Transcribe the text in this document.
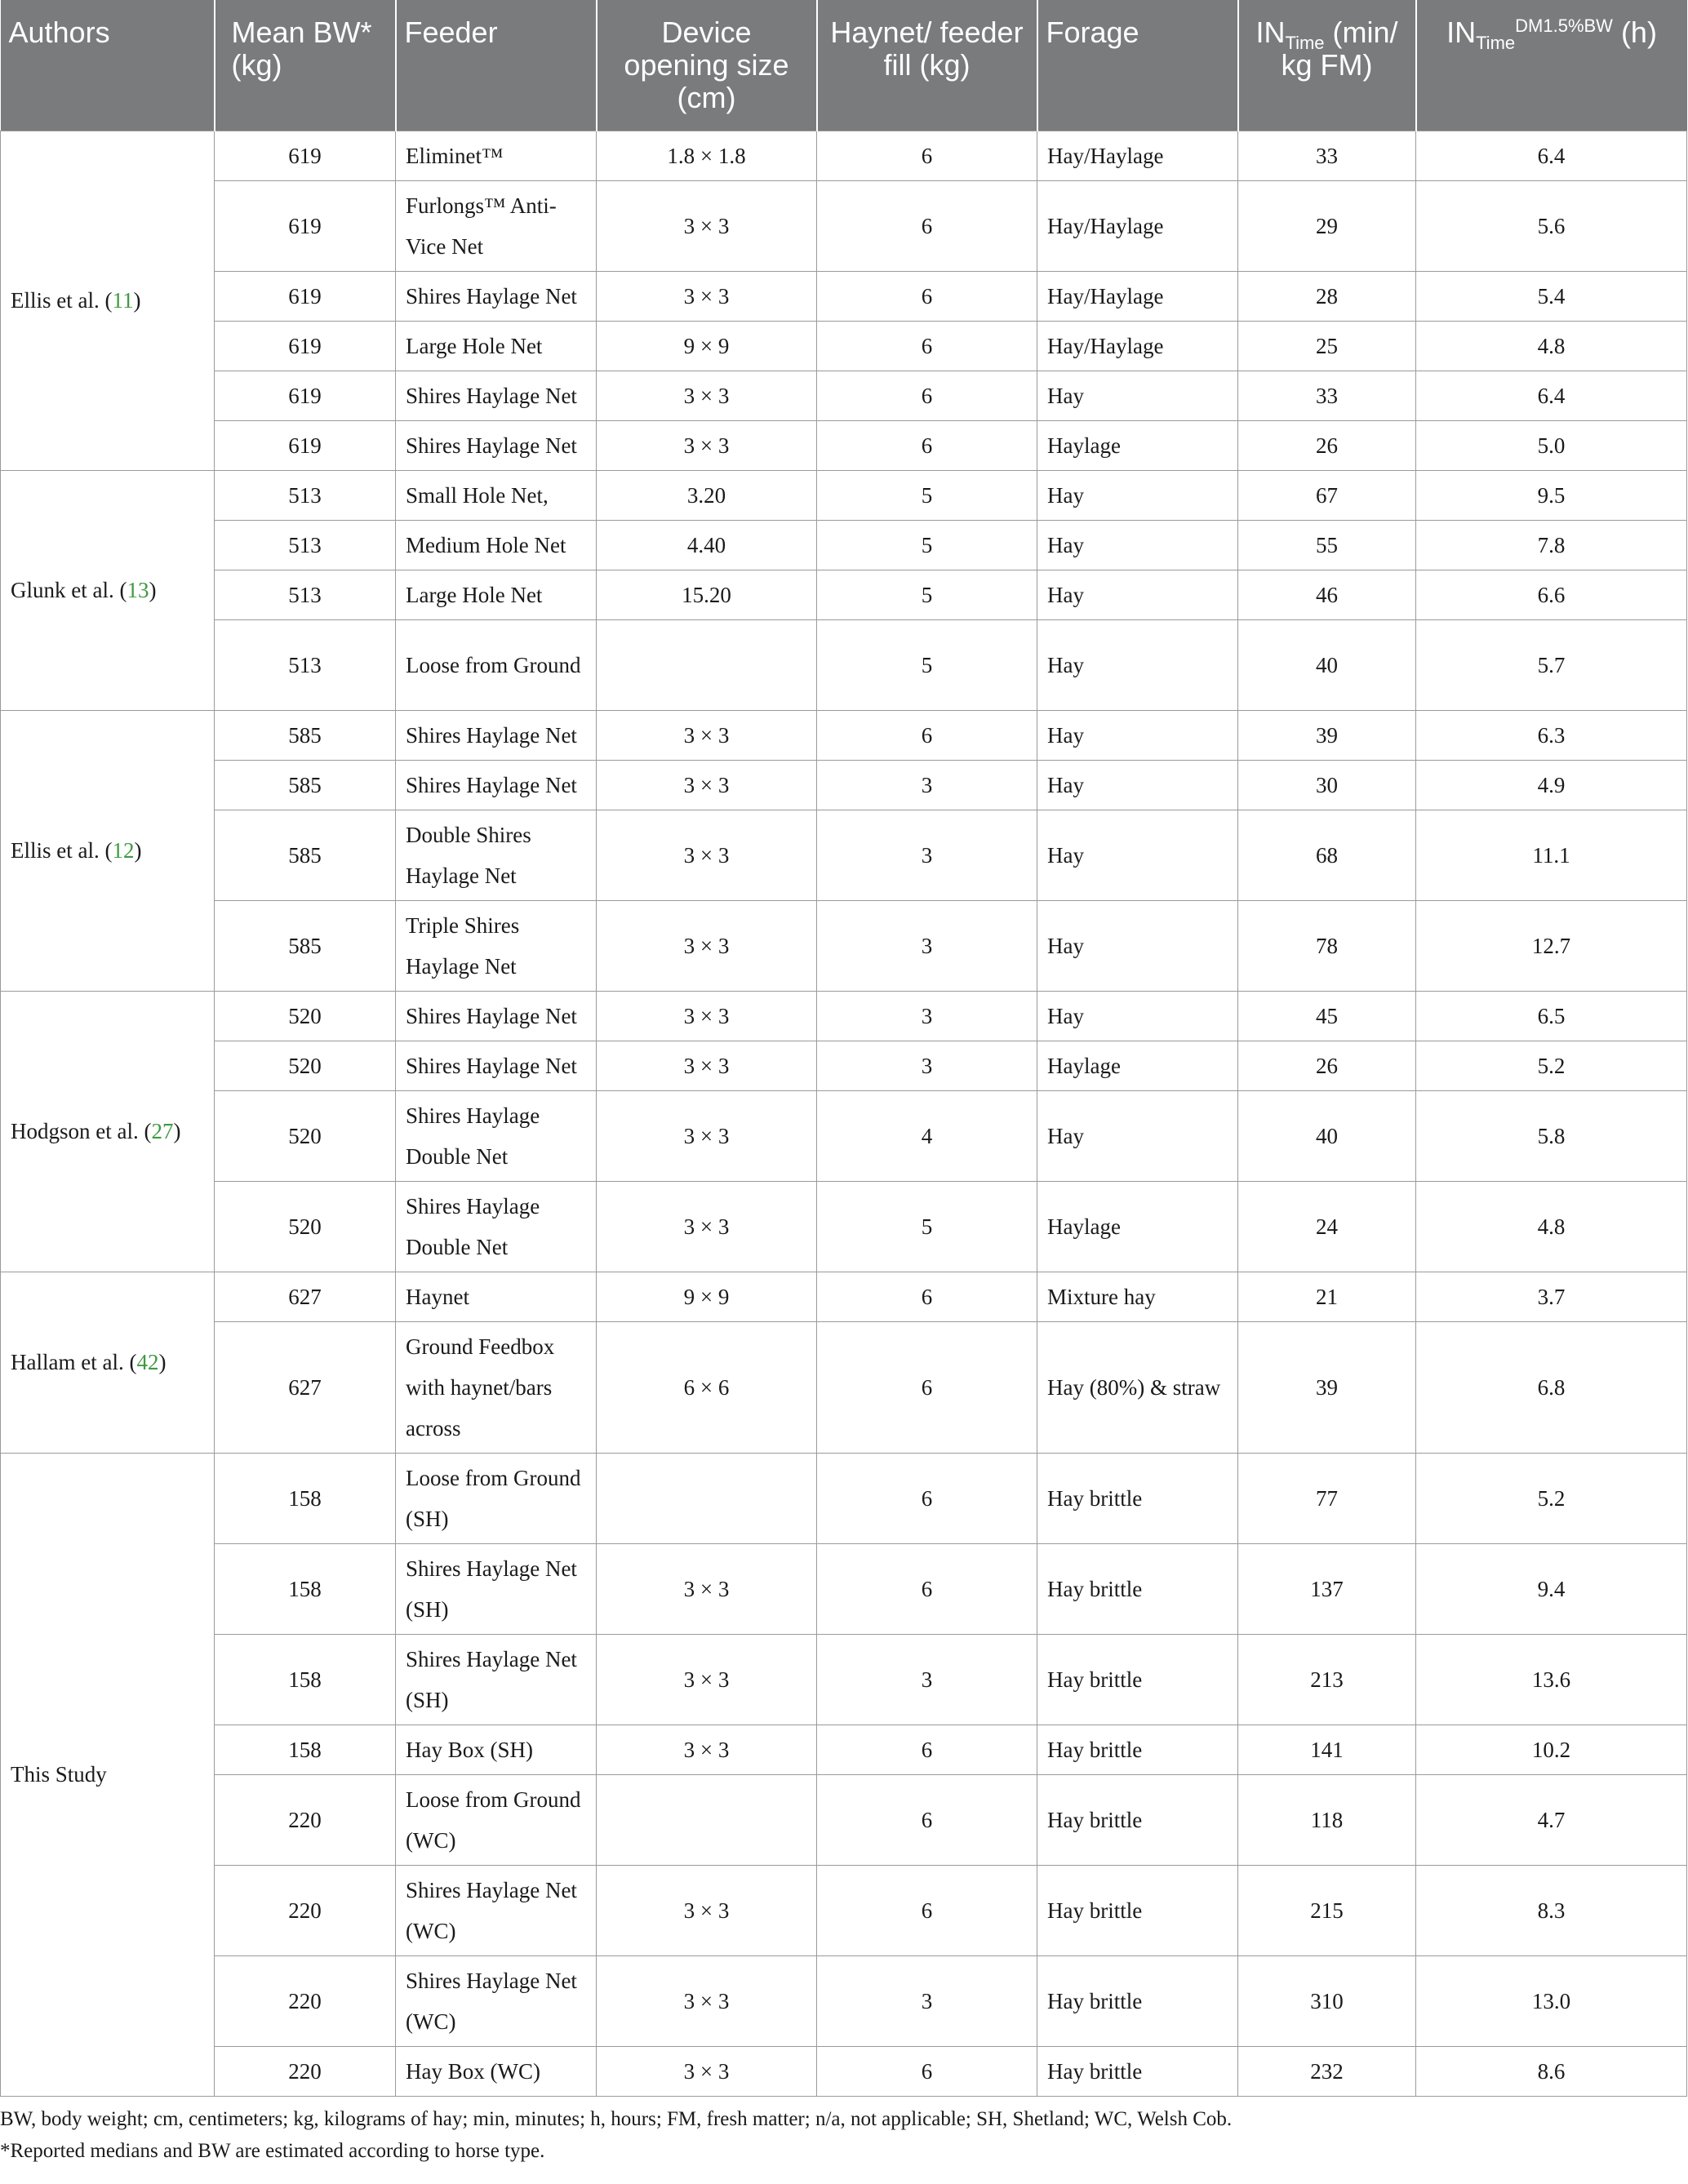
Authors	Mean BW* (kg)	Feeder	Device opening size (cm)	Haynet/ feeder fill (kg)	Forage	$IN_{Time}$ (min/ kg FM)	$IN_{Time}^{DM1.5\%BW}$ (h)
Ellis et al. (11)	619	Eliminet™	1.8 × 1.8	6	Hay/Haylage	33	6.4
	619	Furlongs™ Anti-Vice Net	3 × 3	6	Hay/Haylage	29	5.6
	619	Shires Haylage Net	3 × 3	6	Hay/Haylage	28	5.4
	619	Large Hole Net	9 × 9	6	Hay/Haylage	25	4.8
	619	Shires Haylage Net	3 × 3	6	Hay	33	6.4
	619	Shires Haylage Net	3 × 3	6	Haylage	26	5.0
Glunk et al. (13)	513	Small Hole Net,	3.20	5	Hay	67	9.5
	513	Medium Hole Net	4.40	5	Hay	55	7.8
	513	Large Hole Net	15.20	5	Hay	46	6.6
	513	Loose from Ground		5	Hay	40	5.7
Ellis et al. (12)	585	Shires Haylage Net	3 × 3	6	Hay	39	6.3
	585	Shires Haylage Net	3 × 3	3	Hay	30	4.9
	585	Double Shires Haylage Net	3 × 3	3	Hay	68	11.1
	585	Triple Shires Haylage Net	3 × 3	3	Hay	78	12.7
Hodgson et al. (27)	520	Shires Haylage Net	3 × 3	3	Hay	45	6.5
	520	Shires Haylage Net	3 × 3	3	Haylage	26	5.2
	520	Shires Haylage Double Net	3 × 3	4	Hay	40	5.8
	520	Shires Haylage Double Net	3 × 3	5	Haylage	24	4.8
Hallam et al. (42)	627	Haynet	9 × 9	6	Mixture hay	21	3.7
	627	Ground Feedbox with haynet/bars across	6 × 6	6	Hay (80%) & straw	39	6.8
This Study	158	Loose from Ground (SH)		6	Hay brittle	77	5.2
	158	Shires Haylage Net (SH)	3 × 3	6	Hay brittle	137	9.4
	158	Shires Haylage Net (SH)	3 × 3	3	Hay brittle	213	13.6
	158	Hay Box (SH)	3 × 3	6	Hay brittle	141	10.2
	220	Loose from Ground (WC)		6	Hay brittle	118	4.7
	220	Shires Haylage Net (WC)	3 × 3	6	Hay brittle	215	8.3
	220	Shires Haylage Net (WC)	3 × 3	3	Hay brittle	310	13.0
	220	Hay Box (WC)	3 × 3	6	Hay brittle	232	8.6
BW, body weight; cm, centimeters; kg, kilograms of hay; min, minutes; h, hours; FM, fresh matter; n/a, not applicable; SH, Shetland; WC, Welsh Cob.
*Reported medians and BW are estimated according to horse type.
